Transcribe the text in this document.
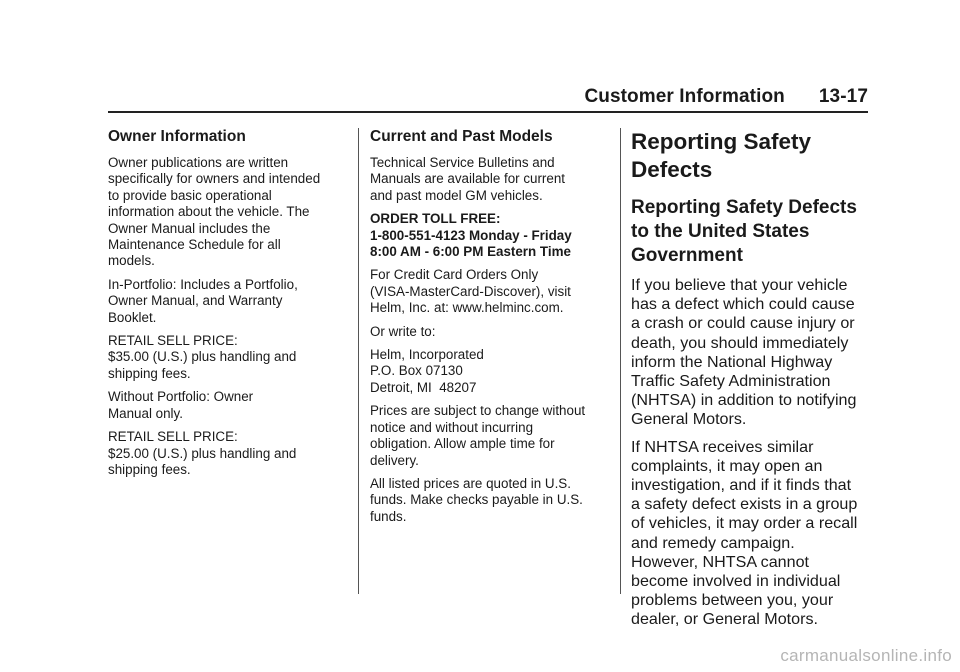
Customer Information 13-17
Owner Information

Owner publications are written
specifically for owners and intended
to provide basic operational
information about the vehicle. The
Owner Manual includes the
Maintenance Schedule for all
models.

In-Portfolio: Includes a Portfolio,
Owner Manual, and Warranty
Booklet.

RETAIL SELL PRICE:
$35.00 (U.S.) plus handling and
shipping fees.

Without Portfolio: Owner
Manual only.

RETAIL SELL PRICE:
$25.00 (U.S.) plus handling and
shipping fees.

Current and Past Models

Technical Service Bulletins and
Manuals are available for current
and past model GM vehicles.

ORDER TOLL FREE:
1-800-551-4123 Monday - Friday
8:00 AM - 6:00 PM Eastern Time

For Credit Card Orders Only
(VISA-MasterCard-Discover), visit
Helm, Inc. at: www.helminc.com.

Or write to:

Helm, Incorporated
P.O. Box 07130
Detroit, MI  48207

Prices are subject to change without
notice and without incurring
obligation. Allow ample time for
delivery.

All listed prices are quoted in U.S.
funds. Make checks payable in U.S.
funds.

Reporting Safety
Defects
Reporting Safety Defects
to the United States
Government

If you believe that your vehicle
has a defect which could cause
a crash or could cause injury or
death, you should immediately
inform the National Highway
Traffic Safety Administration
(NHTSA) in addition to notifying
General Motors.

If NHTSA receives similar
complaints, it may open an
investigation, and if it finds that
a safety defect exists in a group
of vehicles, it may order a recall
and remedy campaign.
However, NHTSA cannot
become involved in individual
problems between you, your
dealer, or General Motors.

carmanualsonline.info
